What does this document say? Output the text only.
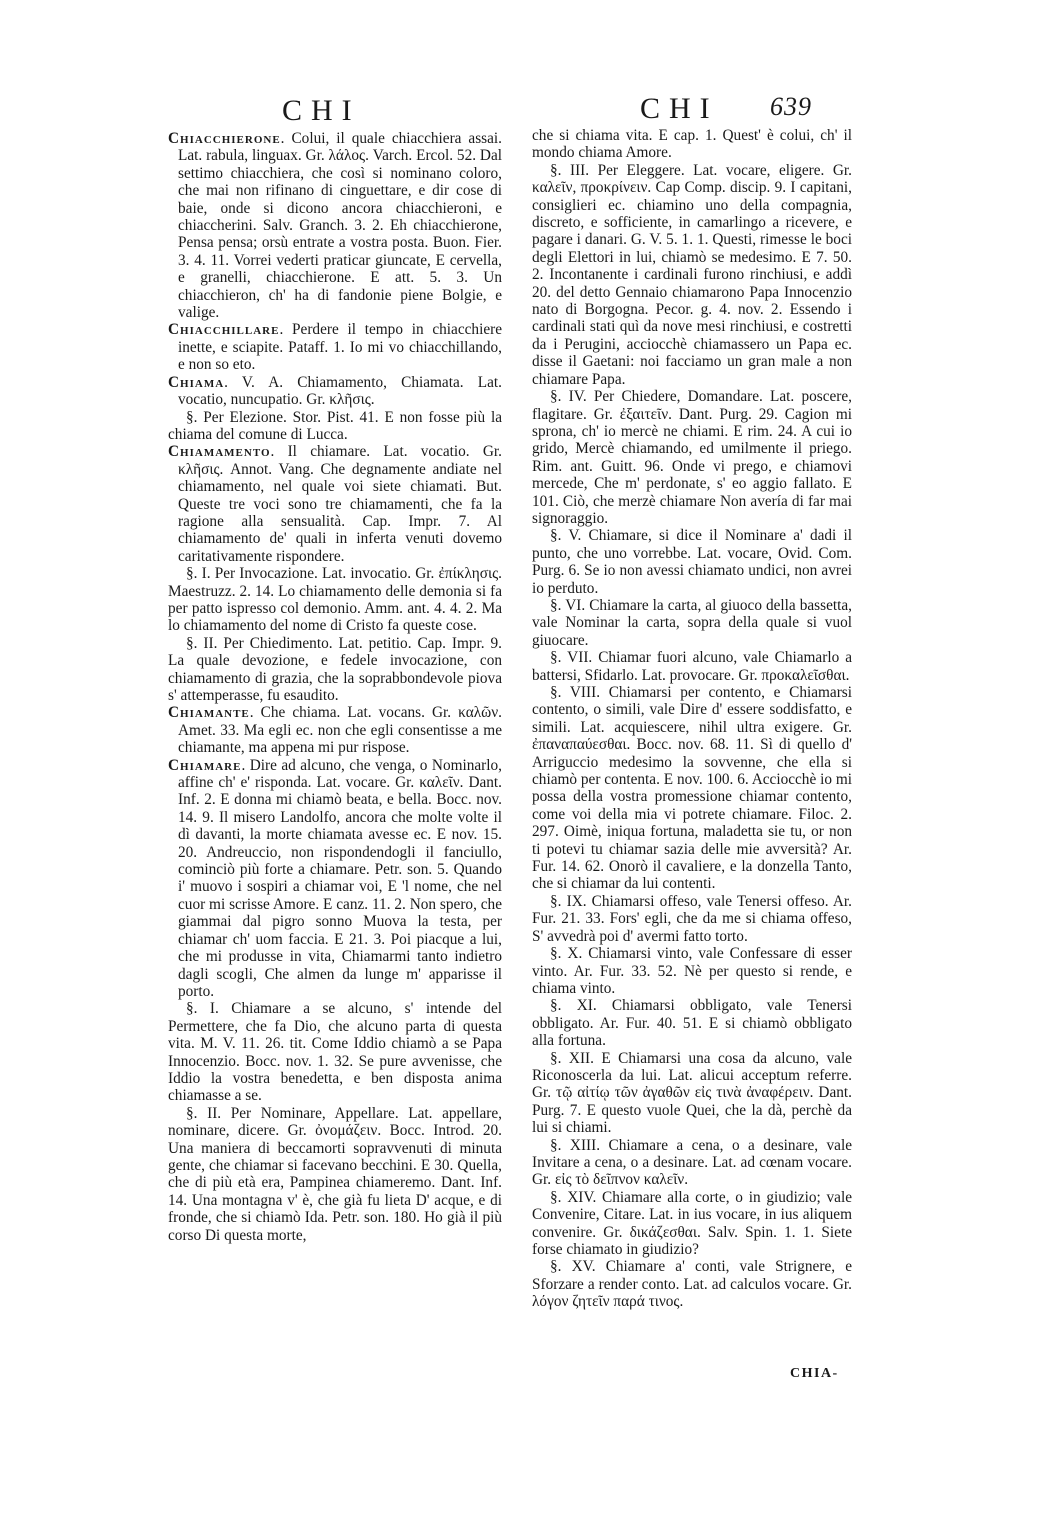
CHI	CHI 639

Chiacchierone. Colui, il quale chiacchiera assai. Lat. rabula, linguax. Gr. λάλος. Varch. Ercol. 52. Dal settimo chiacchiera, che così si nominano coloro, che mai non rifinano di cinguettare, e dir cose di baie, onde si dicono ancora chiacchieroni, e chiaccherini. Salv. Granch. 3. 2. Eh chiacchierone, Pensa pensa; orsù entrate a vostra posta. Buon. Fier. 3. 4. 11. Vorrei vederti praticar giuncate, E cervella, e granelli, chiacchierone. E att. 5. 3. Un chiacchieron, ch' ha di fandonie piene Bolgie, e valige.

Chiacchillare. Perdere il tempo in chiacchiere inette, e sciapite. Pataff. 1. Io mi vo chiacchillando, e non so eto.

Chiama. V. A. Chiamamento, Chiamata. Lat. vocatio, nuncupatio. Gr. κλῆσις.

§. Per Elezione. Stor. Pist. 41. E non fosse più la chiama del comune di Lucca.

Chiamamento. Il chiamare. Lat. vocatio. Gr. κλῆσις. Annot. Vang. Che degnamente andiate nel chiamamento, nel quale voi siete chiamati. But. Queste tre voci sono tre chiamamenti, che fa la ragione alla sensualità. Cap. Impr. 7. Al chiamamento de' quali in inferta venuti dovemo caritativamente rispondere.

§. I. Per Invocazione. Lat. invocatio. Gr. ἐπίκλησις. Maestruzz. 2. 14. Lo chiamamento delle demonia si fa per patto ispresso col demonio. Amm. ant. 4. 4. 2. Ma lo chiamamento del nome di Cristo fa queste cose.

§. II. Per Chiedimento. Lat. petitio. Cap. Impr. 9. La quale devozione, e fedele invocazione, con chiamamento di grazia, che la soprabbondevole piova s' attemperasse, fu esaudito.

Chiamante. Che chiama. Lat. vocans. Gr. καλῶν. Amet. 33. Ma egli ec. non che egli consentisse a me chiamante, ma appena mi pur rispose.

Chiamare. Dire ad alcuno, che venga, o Nominarlo, affine ch' e' risponda. Lat. vocare. Gr. καλεῖν. Dant. Inf. 2. E donna mi chiamò beata, e bella. Bocc. nov. 14. 9. Il misero Landolfo, ancora che molte volte il dì davanti, la morte chiamata avesse ec. E nov. 15. 20. Andreuccio, non rispondendogli il fanciullo, cominciò più forte a chiamare. Petr. son. 5. Quando i' muovo i sospiri a chiamar voi, E 'l nome, che nel cuor mi scrisse Amore. E canz. 11. 2. Non spero, che giammai dal pigro sonno Muova la testa, per chiamar ch' uom faccia. E 21. 3. Poi piacque a lui, che mi produsse in vita, Chiamarmi tanto indietro dagli scogli, Che almen da lunge m' apparisse il porto.

§. I. Chiamare a se alcuno, s' intende del Permettere, che fa Dio, che alcuno parta di questa vita. M. V. 11. 26. tit. Come Iddio chiamò a se Papa Innocenzio. Bocc. nov. 1. 32. Se pure avvenisse, che Iddio la vostra benedetta, e ben disposta anima chiamasse a se.

§. II. Per Nominare, Appellare. Lat. appellare, nominare, dicere. Gr. ὀνομάζειν. Bocc. Introd. 20. Una maniera di beccamorti sopravvenuti di minuta gente, che chiamar si facevano becchini. E 30. Quella, che di più età era, Pampinea chiameremo. Dant. Inf. 14. Una montagna v' è, che già fu lieta D' acque, e di fronde, che si chiamò Ida. Petr. son. 180. Ho già il più corso Di questa morte,

che si chiama vita. E cap. 1. Quest' è colui, ch' il mondo chiama Amore.

§. III. Per Eleggere. Lat. vocare, eligere. Gr. καλεῖν, προκρίνειν. Cap Comp. discip. 9. I capitani, consiglieri ec. chiamino uno della compagnia, discreto, e sofficiente, in camarlingo a ricevere, e pagare i danari. G. V. 5. 1. 1. Questi, rimesse le boci degli Elettori in lui, chiamò se medesimo. E 7. 50. 2. Incontanente i cardinali furono rinchiusi, e addì 20. del detto Gennaio chiamarono Papa Innocenzio nato di Borgogna. Pecor. g. 4. nov. 2. Essendo i cardinali stati quì da nove mesi rinchiusi, e costretti da i Perugini, acciocchè chiamassero un Papa ec. disse il Gaetani: noi facciamo un gran male a non chiamare Papa.

§. IV. Per Chiedere, Domandare. Lat. poscere, flagitare. Gr. ἐξαιτεῖν. Dant. Purg. 29. Cagion mi sprona, ch' io mercè ne chiami. E rim. 24. A cui io grido, Mercè chiamando, ed umilmente il priego. Rim. ant. Guitt. 96. Onde vi prego, e chiamovi mercede, Che m' perdonate, s' eo aggio fallato. E 101. Ciò, che merzè chiamare Non avería di far mai signoraggio.

§. V. Chiamare, si dice il Nominare a' dadi il punto, che uno vorrebbe. Lat. vocare, Ovid. Com. Purg. 6. Se io non avessi chiamato undici, non avrei io perduto.

§. VI. Chiamare la carta, al giuoco della bassetta, vale Nominar la carta, sopra della quale si vuol giuocare.

§. VII. Chiamar fuori alcuno, vale Chiamarlo a battersi, Sfidarlo. Lat. provocare. Gr. προκαλεῖσθαι.

§. VIII. Chiamarsi per contento, e Chiamarsi contento, o simili, vale Dire d' essere soddisfatto, e simili. Lat. acquiescere, nihil ultra exigere. Gr. ἐπαναπαύεσθαι. Bocc. nov. 68. 11. Sì di quello d' Arriguccio medesimo la sovvenne, che ella si chiamò per contenta. E nov. 100. 6. Acciocchè io mi possa della vostra promessione chiamar contento, come voi della mia vi potrete chiamare. Filoc. 2. 297. Oimè, iniqua fortuna, maladetta sie tu, or non ti potevi tu chiamar sazia delle mie avversità? Ar. Fur. 14. 62. Onorò il cavaliere, e la donzella Tanto, che si chiamar da lui contenti.

§. IX. Chiamarsi offeso, vale Tenersi offeso. Ar. Fur. 21. 33. Fors' egli, che da me si chiama offeso, S' avvedrà poi d' avermi fatto torto.

§. X. Chiamarsi vinto, vale Confessare di esser vinto. Ar. Fur. 33. 52. Nè per questo si rende, e chiama vinto.

§. XI. Chiamarsi obbligato, vale Tenersi obbligato. Ar. Fur. 40. 51. E si chiamò obbligato alla fortuna.

§. XII. E Chiamarsi una cosa da alcuno, vale Riconoscerla da lui. Lat. alicui acceptum referre. Gr. τῷ αἰτίῳ τῶν ἀγαθῶν εἰς τινὰ ἀναφέρειν. Dant. Purg. 7. E questo vuole Quei, che la dà, perchè da lui si chiami.

§. XIII. Chiamare a cena, o a desinare, vale Invitare a cena, o a desinare. Lat. ad cœnam vocare. Gr. εἰς τὸ δεῖπνον καλεῖν.

§. XIV. Chiamare alla corte, o in giudizio; vale Convenire, Citare. Lat. in ius vocare, in ius aliquem convenire. Gr. δικάζεσθαι. Salv. Spin. 1. 1. Siete forse chiamato in giudizio?

§. XV. Chiamare a' conti, vale Strignere, e Sforzare a render conto. Lat. ad calculos vocare. Gr. λόγον ζητεῖν παρά τινος.

CHIA-
